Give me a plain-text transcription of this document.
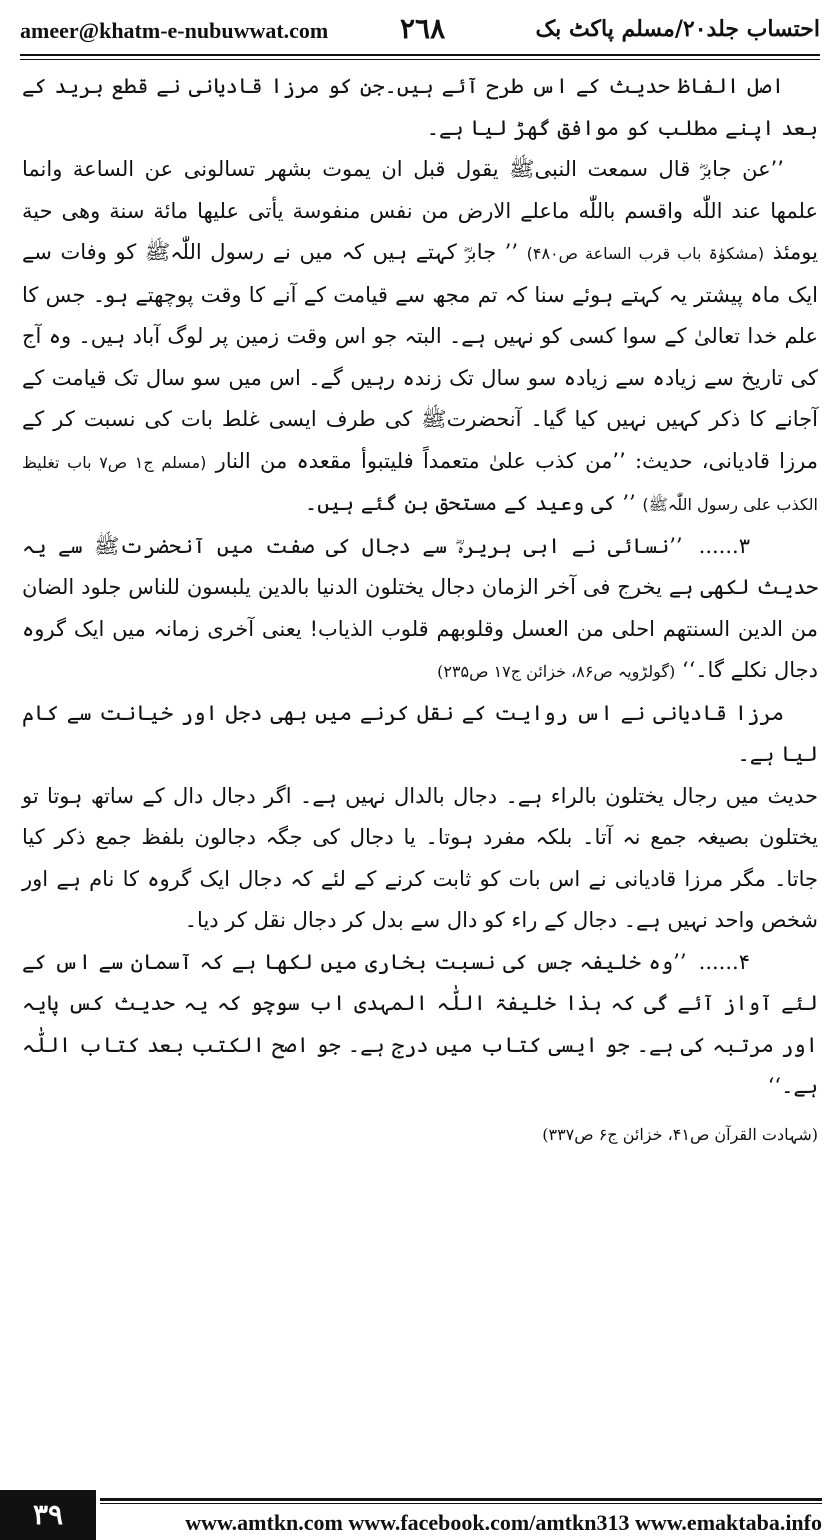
ameer@khatm-e-nubuwwat.com	٢٦٨	احتساب جلد۲۰/مسلم پاکٹ بک

اصل الفاظ حدیث کے اس طرح آئے ہیں۔جن کو مرزا قادیانی نے قطع برید کے بعد اپنے مطلب کو موافق گھڑ لیا ہے۔

’’عن جابرؓ قال سمعت النبیﷺ یقول قبل ان یموت بشھر تسالونی عن الساعة وانما علمھا عند اللّٰه واقسم باللّٰه ماعلے الارض من نفس منفوسة یأتی علیھا مائة سنة وھی حیة یومئذ (مشکوٰۃ باب قرب الساعة ص۴۸۰) ’’ جابرؓ کہتے ہیں کہ میں نے رسول اللّٰہﷺ کو وفات سے ایک ماہ پیشتر یہ کہتے ہوئے سنا کہ تم مجھ سے قیامت کے آنے کا وقت پوچھتے ہو۔ جس کا علم خدا تعالیٰ کے سوا کسی کو نہیں ہے۔ البتہ جو اس وقت زمین پر لوگ آباد ہیں۔ وہ آج کی تاریخ سے زیادہ سے زیادہ سو سال تک زندہ رہیں گے۔ اس میں سو سال تک قیامت کے آجانے کا ذکر کہیں نہیں کیا گیا۔ آنحضرتﷺ کی طرف ایسی غلط بات کی نسبت کر کے مرزا قادیانی، حدیث: ’’من کذب علیٰ متعمداً فلیتبوأ مقعدہ من النار (مسلم ج۱ ص۷ باب تغلیظ الکذب علی رسول اللّٰہﷺ) ’’ کی وعید کے مستحق بن گئے ہیں۔

۳...... ’’نسائی نے ابی ہریرہؓ سے دجال کی صفت میں آنحضرتﷺ سے یہ حدیث لکھی ہے یخرج فی آخر الزمان دجال یختلون الدنیا بالدین یلبسون للناس جلود الضان من الدین السنتھم احلی من العسل وقلوبھم قلوب الذیاب! یعنی آخری زمانہ میں ایک گروہ دجال نکلے گا۔‘‘ (گولڑویہ ص۸۶، خزائن ج۱۷ ص۲۳۵)

مرزا قادیانی نے اس روایت کے نقل کرنے میں بھی دجل اور خیانت سے کام لیا ہے۔

حدیث میں رجال یختلون بالراء ہے۔ دجال بالدال نہیں ہے۔ اگر دجال دال کے ساتھ ہوتا تو یختلون بصیغہ جمع نہ آتا۔ بلکہ مفرد ہوتا۔ یا دجال کی جگہ دجالون بلفظ جمع ذکر کیا جاتا۔ مگر مرزا قادیانی نے اس بات کو ثابت کرنے کے لئے کہ دجال ایک گروہ کا نام ہے اور شخص واحد نہیں ہے۔ دجال کے راء کو دال سے بدل کر دجال نقل کر دیا۔

۴...... ’’وہ خلیفہ جس کی نسبت بخاری میں لکھا ہے کہ آسمان سے اس کے لئے آواز آئے گی کہ ہذا خلیفۃ اللّٰہ المہدی اب سوچو کہ یہ حدیث کس پایہ اور مرتبہ کی ہے۔ جو ایسی کتاب میں درج ہے۔ جو اصح الکتب بعد کتاب اللّٰہ ہے۔‘‘

(شہادت القرآن ص۴۱، خزائن ج۶ ص۳۳۷)

۳۹	www.amtkn.com www.facebook.com/amtkn313 www.emaktaba.info
